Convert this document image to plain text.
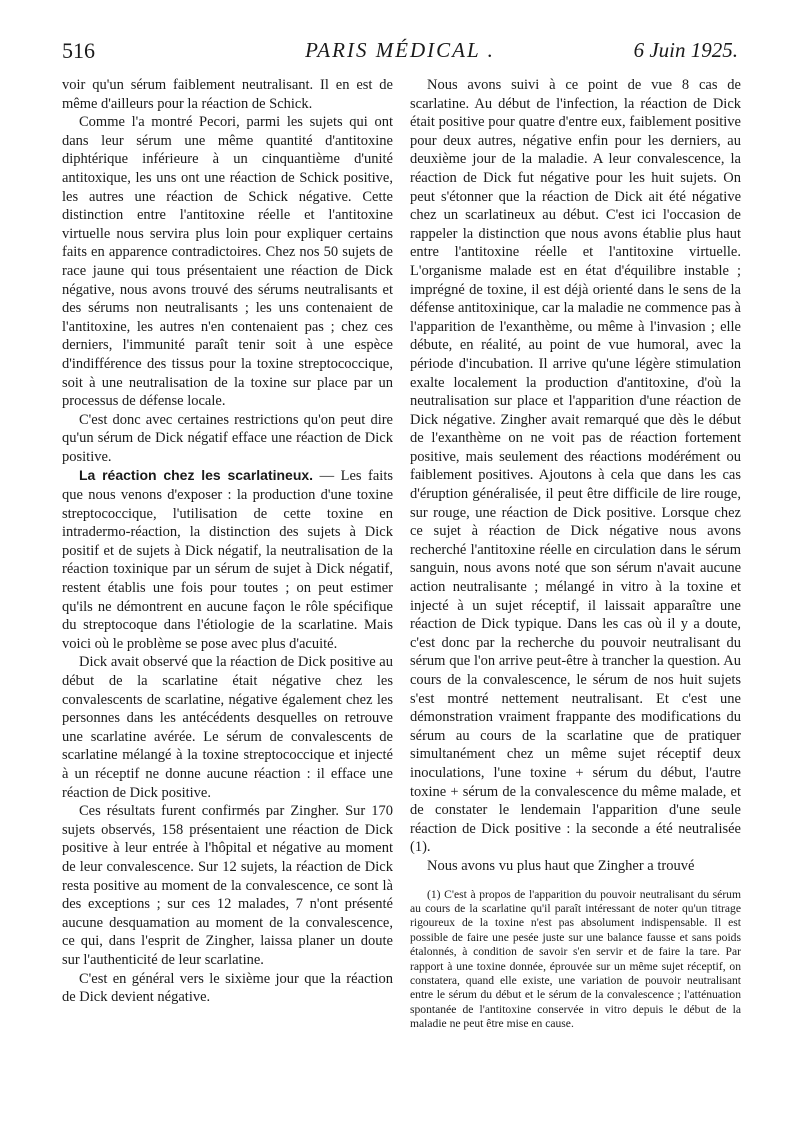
516	PARIS MÉDICAL .	6 Juin 1925.

voir qu'un sérum faiblement neutralisant. Il en est de même d'ailleurs pour la réaction de Schick.

Comme l'a montré Pecori, parmi les sujets qui ont dans leur sérum une même quantité d'antitoxine diphtérique inférieure à un cinquantième d'unité antitoxique, les uns ont une réaction de Schick positive, les autres une réaction de Schick négative. Cette distinction entre l'antitoxine réelle et l'antitoxine virtuelle nous servira plus loin pour expliquer certains faits en apparence contradictoires. Chez nos 50 sujets de race jaune qui tous présentaient une réaction de Dick négative, nous avons trouvé des sérums neutralisants et des sérums non neutralisants ; les uns contenaient de l'antitoxine, les autres n'en contenaient pas ; chez ces derniers, l'immunité paraît tenir soit à une espèce d'indifférence des tissus pour la toxine streptococcique, soit à une neutralisation de la toxine sur place par un processus de défense locale.

C'est donc avec certaines restrictions qu'on peut dire qu'un sérum de Dick négatif efface une réaction de Dick positive.

La réaction chez les scarlatineux. — Les faits que nous venons d'exposer : la production d'une toxine streptococcique, l'utilisation de cette toxine en intradermo-réaction, la distinction des sujets à Dick positif et de sujets à Dick négatif, la neutralisation de la réaction toxinique par un sérum de sujet à Dick négatif, restent établis une fois pour toutes ; on peut estimer qu'ils ne démontrent en aucune façon le rôle spécifique du streptocoque dans l'étiologie de la scarlatine. Mais voici où le problème se pose avec plus d'acuité.

Dick avait observé que la réaction de Dick positive au début de la scarlatine était négative chez les convalescents de scarlatine, négative également chez les personnes dans les antécédents desquelles on retrouve une scarlatine avérée. Le sérum de convalescents de scarlatine mélangé à la toxine streptococcique et injecté à un réceptif ne donne aucune réaction : il efface une réaction de Dick positive.

Ces résultats furent confirmés par Zingher. Sur 170 sujets observés, 158 présentaient une réaction de Dick positive à leur entrée à l'hôpital et négative au moment de leur convalescence. Sur 12 sujets, la réaction de Dick resta positive au moment de la convalescence, ce sont là des exceptions ; sur ces 12 malades, 7 n'ont présenté aucune desquamation au moment de la convalescence, ce qui, dans l'esprit de Zingher, laissa planer un doute sur l'authenticité de leur scarlatine.

C'est en général vers le sixième jour que la réaction de Dick devient négative.

Nous avons suivi à ce point de vue 8 cas de scarlatine. Au début de l'infection, la réaction de Dick était positive pour quatre d'entre eux, faiblement positive pour deux autres, négative enfin pour les derniers, au deuxième jour de la maladie. A leur convalescence, la réaction de Dick fut négative pour les huit sujets. On peut s'étonner que la réaction de Dick ait été négative chez un scarlatineux au début. C'est ici l'occasion de rappeler la distinction que nous avons établie plus haut entre l'antitoxine réelle et l'antitoxine virtuelle. L'organisme malade est en état d'équilibre instable ; imprégné de toxine, il est déjà orienté dans le sens de la défense antitoxinique, car la maladie ne commence pas à l'apparition de l'exanthème, ou même à l'invasion ; elle débute, en réalité, au point de vue humoral, avec la période d'incubation. Il arrive qu'une légère stimulation exalte localement la production d'antitoxine, d'où la neutralisation sur place et l'apparition d'une réaction de Dick négative. Zingher avait remarqué que dès le début de l'exanthème on ne voit pas de réaction fortement positive, mais seulement des réactions modérément ou faiblement positives. Ajoutons à cela que dans les cas d'éruption généralisée, il peut être difficile de lire rouge, sur rouge, une réaction de Dick positive. Lorsque chez ce sujet à réaction de Dick négative nous avons recherché l'antitoxine réelle en circulation dans le sérum sanguin, nous avons noté que son sérum n'avait aucune action neutralisante ; mélangé in vitro à la toxine et injecté à un sujet réceptif, il laissait apparaître une réaction de Dick typique. Dans les cas où il y a doute, c'est donc par la recherche du pouvoir neutralisant du sérum que l'on arrive peut-être à trancher la question. Au cours de la convalescence, le sérum de nos huit sujets s'est montré nettement neutralisant. Et c'est une démonstration vraiment frappante des modifications du sérum au cours de la scarlatine que de pratiquer simultanément chez un même sujet réceptif deux inoculations, l'une toxine + sérum du début, l'autre toxine + sérum de la convalescence du même malade, et de constater le lendemain l'apparition d'une seule réaction de Dick positive : la seconde a été neutralisée (1).

Nous avons vu plus haut que Zingher a trouvé

(1) C'est à propos de l'apparition du pouvoir neutralisant du sérum au cours de la scarlatine qu'il paraît intéressant de noter qu'un titrage rigoureux de la toxine n'est pas absolument indispensable. Il est possible de faire une pesée juste sur une balance fausse et sans poids étalonnés, à condition de savoir s'en servir et de faire la tare. Par rapport à une toxine donnée, éprouvée sur un même sujet réceptif, on constatera, quand elle existe, une variation de pouvoir neutralisant entre le sérum du début et le sérum de la convalescence ; l'atténuation spontanée de l'antitoxine conservée in vitro depuis le début de la maladie ne peut être mise en cause.
